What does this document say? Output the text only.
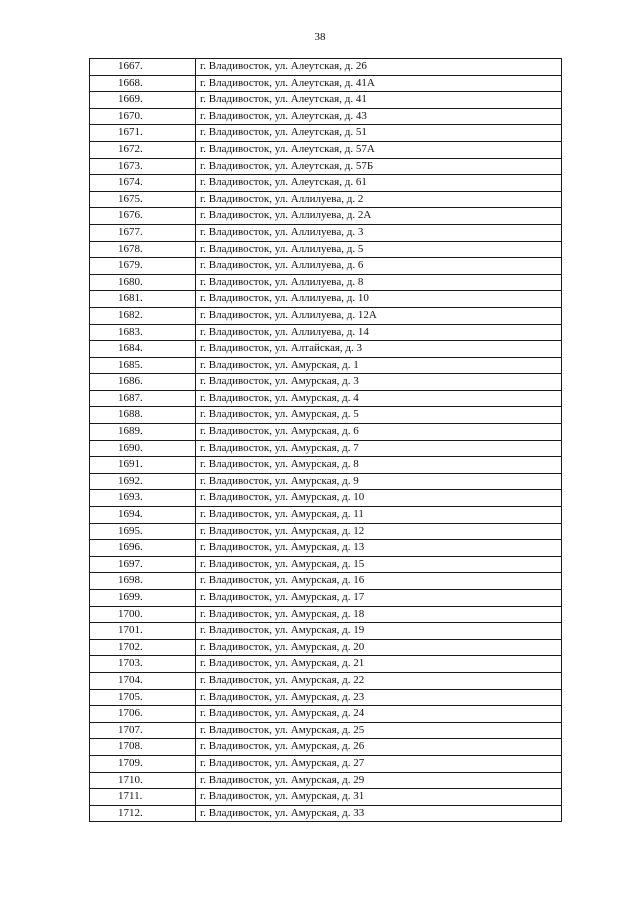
38
1667.	г. Владивосток, ул. Алеутская, д. 26
1668.	г. Владивосток, ул. Алеутская, д. 41А
1669.	г. Владивосток, ул. Алеутская, д. 41
1670.	г. Владивосток, ул. Алеутская, д. 43
1671.	г. Владивосток, ул. Алеутская, д. 51
1672.	г. Владивосток, ул. Алеутская, д. 57А
1673.	г. Владивосток, ул. Алеутская, д. 57Б
1674.	г. Владивосток, ул. Алеутская, д. 61
1675.	г. Владивосток, ул. Аллилуева, д. 2
1676.	г. Владивосток, ул. Аллилуева, д. 2А
1677.	г. Владивосток, ул. Аллилуева, д. 3
1678.	г. Владивосток, ул. Аллилуева, д. 5
1679.	г. Владивосток, ул. Аллилуева, д. 6
1680.	г. Владивосток, ул. Аллилуева, д. 8
1681.	г. Владивосток, ул. Аллилуева, д. 10
1682.	г. Владивосток, ул. Аллилуева, д. 12А
1683.	г. Владивосток, ул. Аллилуева, д. 14
1684.	г. Владивосток, ул. Алтайская, д. 3
1685.	г. Владивосток, ул. Амурская, д. 1
1686.	г. Владивосток, ул. Амурская, д. 3
1687.	г. Владивосток, ул. Амурская, д. 4
1688.	г. Владивосток, ул. Амурская, д. 5
1689.	г. Владивосток, ул. Амурская, д. 6
1690.	г. Владивосток, ул. Амурская, д. 7
1691.	г. Владивосток, ул. Амурская, д. 8
1692.	г. Владивосток, ул. Амурская, д. 9
1693.	г. Владивосток, ул. Амурская, д. 10
1694.	г. Владивосток, ул. Амурская, д. 11
1695.	г. Владивосток, ул. Амурская, д. 12
1696.	г. Владивосток, ул. Амурская, д. 13
1697.	г. Владивосток, ул. Амурская, д. 15
1698.	г. Владивосток, ул. Амурская, д. 16
1699.	г. Владивосток, ул. Амурская, д. 17
1700.	г. Владивосток, ул. Амурская, д. 18
1701.	г. Владивосток, ул. Амурская, д. 19
1702.	г. Владивосток, ул. Амурская, д. 20
1703.	г. Владивосток, ул. Амурская, д. 21
1704.	г. Владивосток, ул. Амурская, д. 22
1705.	г. Владивосток, ул. Амурская, д. 23
1706.	г. Владивосток, ул. Амурская, д. 24
1707.	г. Владивосток, ул. Амурская, д. 25
1708.	г. Владивосток, ул. Амурская, д. 26
1709.	г. Владивосток, ул. Амурская, д. 27
1710.	г. Владивосток, ул. Амурская, д. 29
1711.	г. Владивосток, ул. Амурская, д. 31
1712.	г. Владивосток, ул. Амурская, д. 33
